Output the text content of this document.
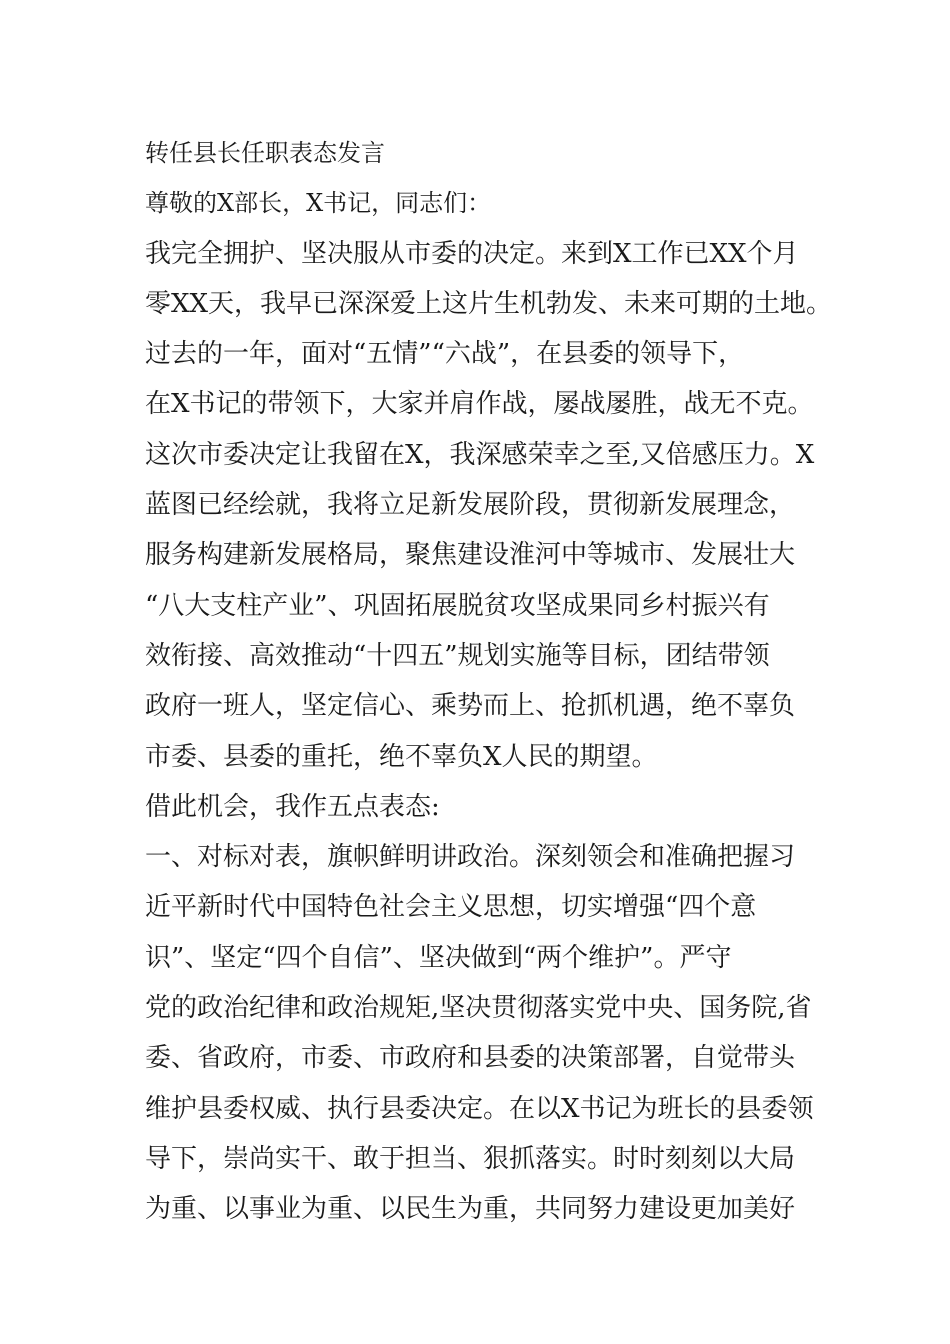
转任县长任职表态发言
尊敬的X部长，X书记，同志们：
我完全拥护、坚决服从市委的决定。来到X工作已XX个月
零XX天，我早已深深爱上这片生机勃发、未来可期的土地。
过去的一年，面对“五情”“六战”，在县委的领导下，
在X书记的带领下，大家并肩作战，屡战屡胜，战无不克。
这次市委决定让我留在X，我深感荣幸之至,又倍感压力。X
蓝图已经绘就，我将立足新发展阶段，贯彻新发展理念，
服务构建新发展格局，聚焦建设淮河中等城市、发展壮大
“八大支柱产业”、巩固拓展脱贫攻坚成果同乡村振兴有
效衔接、高效推动“十四五”规划实施等目标，团结带领
政府一班人，坚定信心、乘势而上、抢抓机遇，绝不辜负
市委、县委的重托，绝不辜负X人民的期望。
借此机会，我作五点表态:
一、对标对表，旗帜鲜明讲政治。深刻领会和准确把握习
近平新时代中国特色社会主义思想，切实增强“四个意
识”、坚定“四个自信”、坚决做到“两个维护”。严守
党的政治纪律和政治规矩,坚决贯彻落实党中央、国务院,省
委、省政府，市委、市政府和县委的决策部署，自觉带头
维护县委权威、执行县委决定。在以X书记为班长的县委领
导下，崇尚实干、敢于担当、狠抓落实。时时刻刻以大局
为重、以事业为重、以民生为重，共同努力建设更加美好
